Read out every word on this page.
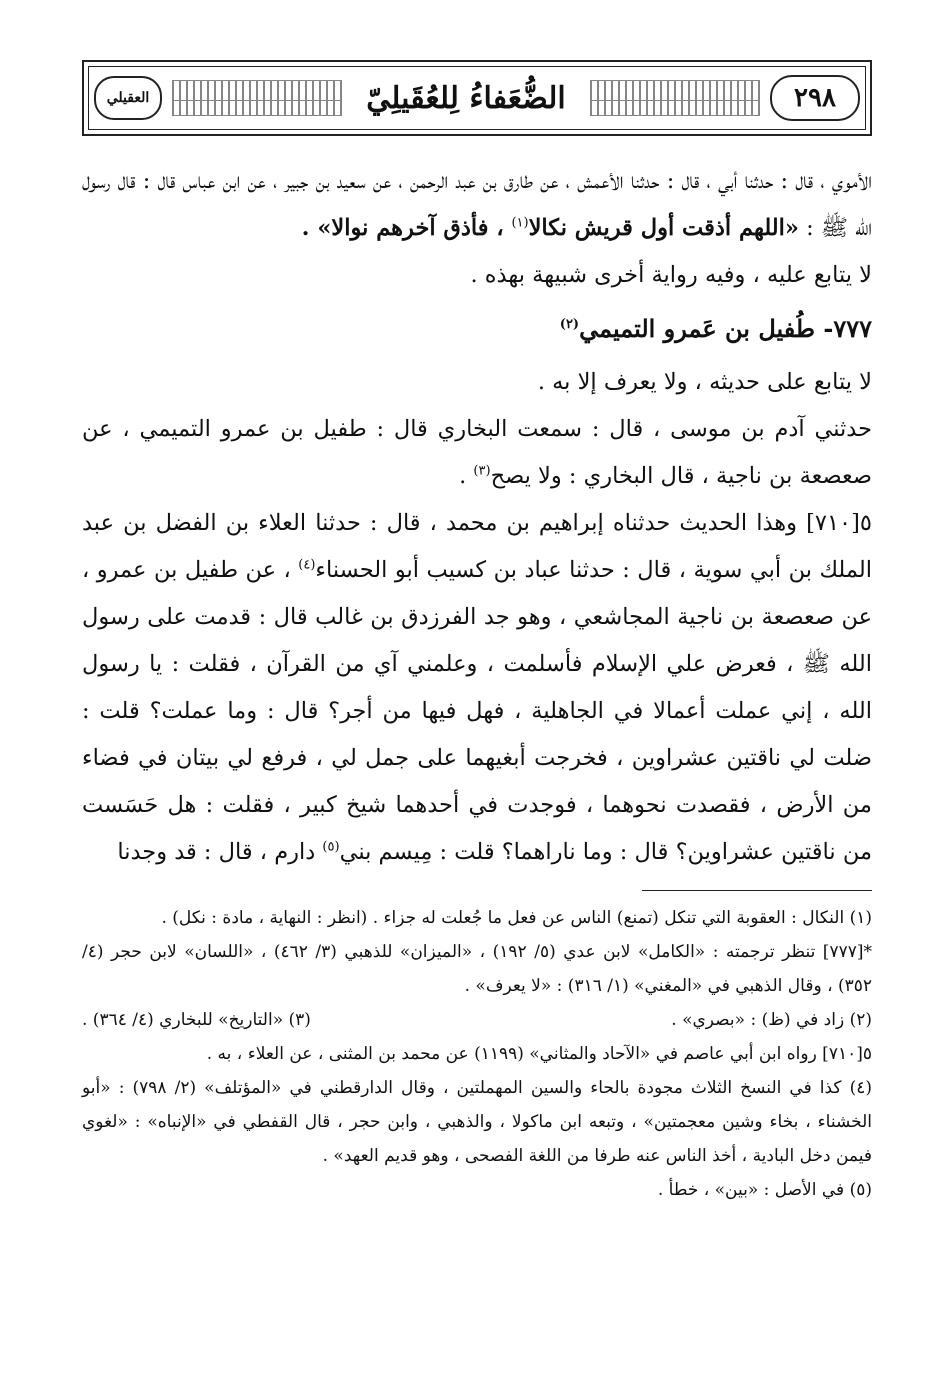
٢٩٨
الضُّعَفاءُ لِلعُقَيلِيّ
العقيلي

الأموي ، قال : حدثنا أبي ، قال : حدثنا الأعمش ، عن طارق بن عبد الرحمن ، عن سعيد بن جبير ، عن ابن عباس قال : قال رسول الله ﷺ : «اللهم أذقت أول قريش نكالا$^{(١)}$ ، فأذق آخرهم نوالا» .

لا يتابع عليه ، وفيه رواية أخرى شبيهة بهذه .

٧٧٧- طُفيل بن عَمرو التميمي$^{(٢)}$

لا يتابع على حديثه ، ولا يعرف إلا به .

حدثني آدم بن موسى ، قال : سمعت البخاري قال : طفيل بن عمرو التميمي ، عن صعصعة بن ناجية ، قال البخاري : ولا يصح$^{(٣)}$ .

٥[٧١٠] وهذا الحديث حدثناه إبراهيم بن محمد ، قال : حدثنا العلاء بن الفضل بن عبد الملك بن أبي سوية ، قال : حدثنا عباد بن كسيب أبو الحسناء$^{(٤)}$ ، عن طفيل بن عمرو ، عن صعصعة بن ناجية المجاشعي ، وهو جد الفرزدق بن غالب قال : قدمت على رسول الله ﷺ ، فعرض علي الإسلام فأسلمت ، وعلمني آي من القرآن ، فقلت : يا رسول الله ، إني عملت أعمالا في الجاهلية ، فهل فيها من أجر؟ قال : وما عملت؟ قلت : ضلت لي ناقتين عشراوين ، فخرجت أبغيهما على جمل لي ، فرفع لي بيتان في فضاء من الأرض ، فقصدت نحوهما ، فوجدت في أحدهما شيخ كبير ، فقلت : هل حَسَست من ناقتين عشراوين؟ قال : وما ناراهما؟ قلت : مِيسم بني$^{(٥)}$ دارم ، قال : قد وجدنا

(١) النكال : العقوبة التي تنكل (تمنع) الناس عن فعل ما جُعلت له جزاء . (انظر : النهاية ، مادة : نكل) .

*[٧٧٧] تنظر ترجمته : «الكامل» لابن عدي (٥/ ١٩٢) ، «الميزان» للذهبي (٣/ ٤٦٢) ، «اللسان» لابن حجر (٤/ ٣٥٢) ، وقال الذهبي في «المغني» (١/ ٣١٦) : «لا يعرف» .

(٢) زاد في (ظ) : «بصري» .
(٣) «التاريخ» للبخاري (٤/ ٣٦٤) .

٥[٧١٠] رواه ابن أبي عاصم في «الآحاد والمثاني» (١١٩٩) عن محمد بن المثنى ، عن العلاء ، به .

(٤) كذا في النسخ الثلاث مجودة بالحاء والسين المهملتين ، وقال الدارقطني في «المؤتلف» (٢/ ٧٩٨) : «أبو الخشناء ، بخاء وشين معجمتين» ، وتبعه ابن ماكولا ، والذهبي ، وابن حجر ، قال القفطي في «الإنباه» : «لغوي فيمن دخل البادية ، أخذ الناس عنه طرفا من اللغة الفصحى ، وهو قديم العهد» .

(٥) في الأصل : «بين» ، خطأ .
